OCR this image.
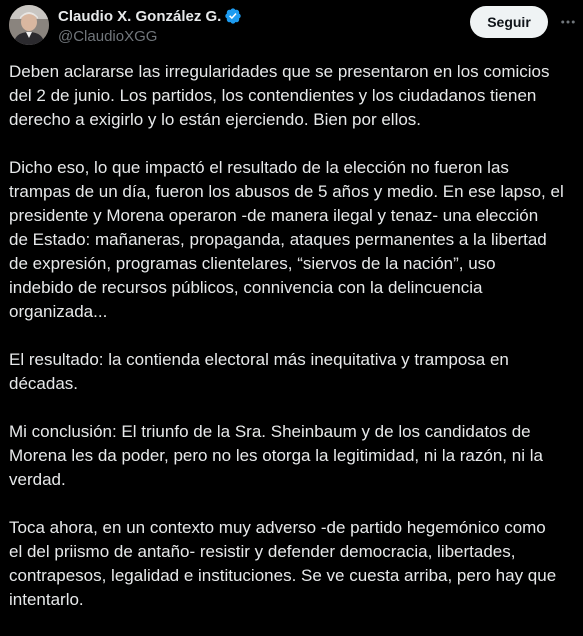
Claudio X. González G.
@ClaudioXGG
Seguir
Deben aclararse las irregularidades que se presentaron en los comicios
del 2 de junio. Los partidos, los contendientes y los ciudadanos tienen
derecho a exigirlo y lo están ejerciendo. Bien por ellos.
Dicho eso, lo que impactó el resultado de la elección no fueron las
trampas de un día, fueron los abusos de 5 años y medio. En ese lapso, el
presidente y Morena operaron -de manera ilegal y tenaz- una elección
de Estado: mañaneras, propaganda, ataques permanentes a la libertad
de expresión, programas clientelares, “siervos de la nación”, uso
indebido de recursos públicos, connivencia con la delincuencia
organizada...
El resultado: la contienda electoral más inequitativa y tramposa en
décadas.
Mi conclusión: El triunfo de la Sra. Sheinbaum y de los candidatos de
Morena les da poder, pero no les otorga la legitimidad, ni la razón, ni la
verdad.
Toca ahora, en un contexto muy adverso -de partido hegemónico como
el del priismo de antaño- resistir y defender democracia, libertades,
contrapesos, legalidad e instituciones. Se ve cuesta arriba, pero hay que
intentarlo.
